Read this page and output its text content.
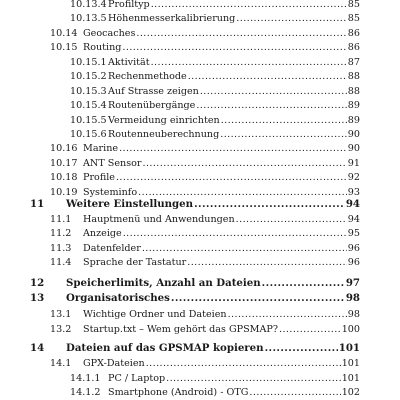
10.13.4 Profiltyp .....	85
10.13.5 Höhenmesserkalibrierung .....	85
10.14 Geocaches .....	86
10.15 Routing .....	86
10.15.1 Aktivität .....	87
10.15.2 Rechenmethode .....	88
10.15.3 Auf Strasse zeigen .....	88
10.15.4 Routenübergänge .....	89
10.15.5 Vermeidung einrichten .....	89
10.15.6 Routenneuberechnung .....	90
10.16 Marine .....	90
10.17 ANT Sensor .....	91
10.18 Profile .....	92
10.19 Systeminfo .....	93
11	Weitere Einstellungen .....	94
11.1	Hauptmenü und Anwendungen .....	94
11.2	Anzeige .....	95
11.3	Datenfelder .....	96
11.4	Sprache der Tastatur .....	96
12	Speicherlimits, Anzahl an Dateien .....	97
13	Organisatorisches .....	98
13.1	Wichtige Ordner und Dateien .....	98
13.2	Startup.txt – Wem gehört das GPSMAP? .....	100
14	Dateien auf das GPSMAP kopieren .....	101
14.1	GPX-Dateien .....	101
14.1.1 PC / Laptop .....	101
14.1.2 Smartphone (Android) - OTG .....	102
